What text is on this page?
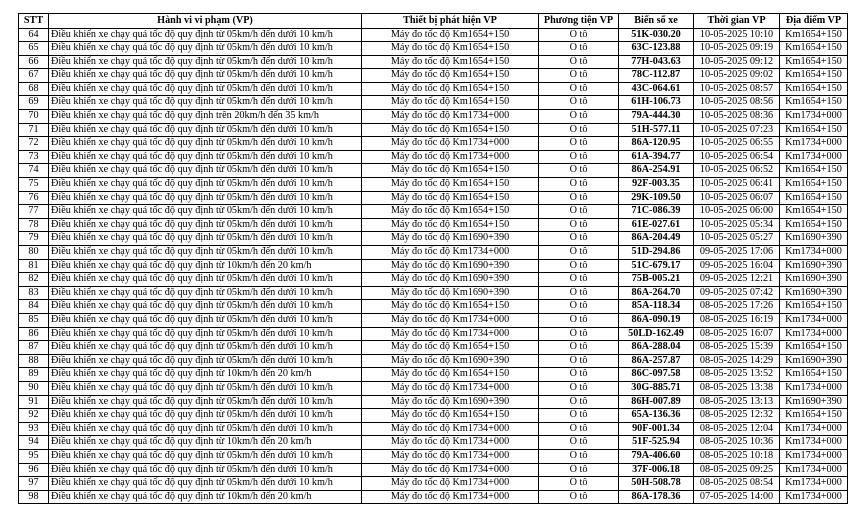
STT	Hành vi vi phạm (VP)	Thiết bị phát hiện VP	Phương tiện VP	Biển số xe	Thời gian VP	Địa điểm VP
64	Điều khiển xe chạy quá tốc độ quy định từ 05km/h đến dưới 10 km/h	Máy đo tốc độ Km1654+150	Ô tô	51K-030.20	10-05-2025 10:10	Km1654+150
65	Điều khiển xe chạy quá tốc độ quy định từ 05km/h đến dưới 10 km/h	Máy đo tốc độ Km1654+150	Ô tô	63C-123.88	10-05-2025 09:19	Km1654+150
66	Điều khiển xe chạy quá tốc độ quy định từ 05km/h đến dưới 10 km/h	Máy đo tốc độ Km1654+150	Ô tô	77H-043.63	10-05-2025 09:12	Km1654+150
67	Điều khiển xe chạy quá tốc độ quy định từ 05km/h đến dưới 10 km/h	Máy đo tốc độ Km1654+150	Ô tô	78C-112.87	10-05-2025 09:02	Km1654+150
68	Điều khiển xe chạy quá tốc độ quy định từ 05km/h đến dưới 10 km/h	Máy đo tốc độ Km1654+150	Ô tô	43C-064.61	10-05-2025 08:57	Km1654+150
69	Điều khiển xe chạy quá tốc độ quy định từ 05km/h đến dưới 10 km/h	Máy đo tốc độ Km1654+150	Ô tô	61H-106.73	10-05-2025 08:56	Km1654+150
70	Điều khiển xe chạy quá tốc độ quy định trên 20km/h đến 35 km/h	Máy đo tốc độ Km1734+000	Ô tô	79A-444.30	10-05-2025 08:36	Km1734+000
71	Điều khiển xe chạy quá tốc độ quy định từ 05km/h đến dưới 10 km/h	Máy đo tốc độ Km1654+150	Ô tô	51H-577.11	10-05-2025 07:23	Km1654+150
72	Điều khiển xe chạy quá tốc độ quy định từ 05km/h đến dưới 10 km/h	Máy đo tốc độ Km1734+000	Ô tô	86A-120.95	10-05-2025 06:55	Km1734+000
73	Điều khiển xe chạy quá tốc độ quy định từ 05km/h đến dưới 10 km/h	Máy đo tốc độ Km1734+000	Ô tô	61A-394.77	10-05-2025 06:54	Km1734+000
74	Điều khiển xe chạy quá tốc độ quy định từ 05km/h đến dưới 10 km/h	Máy đo tốc độ Km1654+150	Ô tô	86A-254.91	10-05-2025 06:52	Km1654+150
75	Điều khiển xe chạy quá tốc độ quy định từ 05km/h đến dưới 10 km/h	Máy đo tốc độ Km1654+150	Ô tô	92F-003.35	10-05-2025 06:41	Km1654+150
76	Điều khiển xe chạy quá tốc độ quy định từ 05km/h đến dưới 10 km/h	Máy đo tốc độ Km1654+150	Ô tô	29K-109.50	10-05-2025 06:07	Km1654+150
77	Điều khiển xe chạy quá tốc độ quy định từ 05km/h đến dưới 10 km/h	Máy đo tốc độ Km1654+150	Ô tô	71C-086.39	10-05-2025 06:00	Km1654+150
78	Điều khiển xe chạy quá tốc độ quy định từ 05km/h đến dưới 10 km/h	Máy đo tốc độ Km1654+150	Ô tô	61E-027.61	10-05-2025 05:34	Km1654+150
79	Điều khiển xe chạy quá tốc độ quy định từ 05km/h đến dưới 10 km/h	Máy đo tốc độ Km1690+390	Ô tô	86A-204.49	10-05-2025 05:27	Km1690+390
80	Điều khiển xe chạy quá tốc độ quy định từ 05km/h đến dưới 10 km/h	Máy đo tốc độ Km1734+000	Ô tô	51D-294.86	09-05-2025 17:06	Km1734+000
81	Điều khiển xe chạy quá tốc độ quy định từ 10km/h đến 20 km/h	Máy đo tốc độ Km1690+390	Ô tô	51C-679.17	09-05-2025 16:04	Km1690+390
82	Điều khiển xe chạy quá tốc độ quy định từ 05km/h đến dưới 10 km/h	Máy đo tốc độ Km1690+390	Ô tô	75B-005.21	09-05-2025 12:21	Km1690+390
83	Điều khiển xe chạy quá tốc độ quy định từ 05km/h đến dưới 10 km/h	Máy đo tốc độ Km1690+390	Ô tô	86A-264.70	09-05-2025 07:42	Km1690+390
84	Điều khiển xe chạy quá tốc độ quy định từ 05km/h đến dưới 10 km/h	Máy đo tốc độ Km1654+150	Ô tô	85A-118.34	08-05-2025 17:26	Km1654+150
85	Điều khiển xe chạy quá tốc độ quy định từ 05km/h đến dưới 10 km/h	Máy đo tốc độ Km1734+000	Ô tô	86A-090.19	08-05-2025 16:19	Km1734+000
86	Điều khiển xe chạy quá tốc độ quy định từ 05km/h đến dưới 10 km/h	Máy đo tốc độ Km1734+000	Ô tô	50LD-162.49	08-05-2025 16:07	Km1734+000
87	Điều khiển xe chạy quá tốc độ quy định từ 05km/h đến dưới 10 km/h	Máy đo tốc độ Km1654+150	Ô tô	86A-288.04	08-05-2025 15:39	Km1654+150
88	Điều khiển xe chạy quá tốc độ quy định từ 05km/h đến dưới 10 km/h	Máy đo tốc độ Km1690+390	Ô tô	86A-257.87	08-05-2025 14:29	Km1690+390
89	Điều khiển xe chạy quá tốc độ quy định từ 10km/h đến 20 km/h	Máy đo tốc độ Km1654+150	Ô tô	86C-097.58	08-05-2025 13:52	Km1654+150
90	Điều khiển xe chạy quá tốc độ quy định từ 05km/h đến dưới 10 km/h	Máy đo tốc độ Km1734+000	Ô tô	30G-885.71	08-05-2025 13:38	Km1734+000
91	Điều khiển xe chạy quá tốc độ quy định từ 05km/h đến dưới 10 km/h	Máy đo tốc độ Km1690+390	Ô tô	86H-007.89	08-05-2025 13:13	Km1690+390
92	Điều khiển xe chạy quá tốc độ quy định từ 05km/h đến dưới 10 km/h	Máy đo tốc độ Km1654+150	Ô tô	65A-136.36	08-05-2025 12:32	Km1654+150
93	Điều khiển xe chạy quá tốc độ quy định từ 05km/h đến dưới 10 km/h	Máy đo tốc độ Km1734+000	Ô tô	90F-001.34	08-05-2025 12:04	Km1734+000
94	Điều khiển xe chạy quá tốc độ quy định từ 10km/h đến 20 km/h	Máy đo tốc độ Km1734+000	Ô tô	51F-525.94	08-05-2025 10:36	Km1734+000
95	Điều khiển xe chạy quá tốc độ quy định từ 05km/h đến dưới 10 km/h	Máy đo tốc độ Km1734+000	Ô tô	79A-406.60	08-05-2025 10:18	Km1734+000
96	Điều khiển xe chạy quá tốc độ quy định từ 05km/h đến dưới 10 km/h	Máy đo tốc độ Km1734+000	Ô tô	37F-006.18	08-05-2025 09:25	Km1734+000
97	Điều khiển xe chạy quá tốc độ quy định từ 05km/h đến dưới 10 km/h	Máy đo tốc độ Km1734+000	Ô tô	50H-508.78	08-05-2025 08:54	Km1734+000
98	Điều khiển xe chạy quá tốc độ quy định từ 10km/h đến 20 km/h	Máy đo tốc độ Km1734+000	Ô tô	86A-178.36	07-05-2025 14:00	Km1734+000
